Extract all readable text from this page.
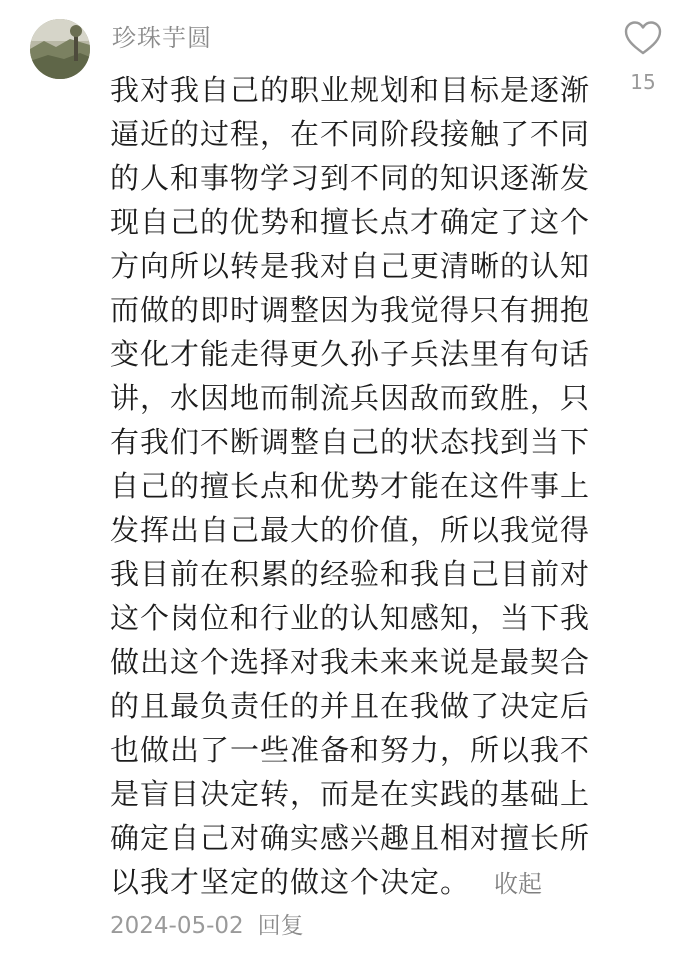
珍珠芋圆
我对我自己的职业规划和目标是逐渐
逼近的过程，在不同阶段接触了不同
的人和事物学习到不同的知识逐渐发
现自己的优势和擅长点才确定了这个
方向所以转是我对自己更清晰的认知
而做的即时调整因为我觉得只有拥抱
变化才能走得更久孙子兵法里有句话
讲，水因地而制流兵因敌而致胜，只
有我们不断调整自己的状态找到当下
自己的擅长点和优势才能在这件事上
发挥出自己最大的价值，所以我觉得
我目前在积累的经验和我自己目前对
这个岗位和行业的认知感知，当下我
做出这个选择对我未来来说是最契合
的且最负责任的并且在我做了决定后
也做出了一些准备和努力，所以我不
是盲目决定转，而是在实践的基础上
确定自己对确实感兴趣且相对擅长所
以我才坚定的做这个决定。 收起
2024-05-02 回复
15
